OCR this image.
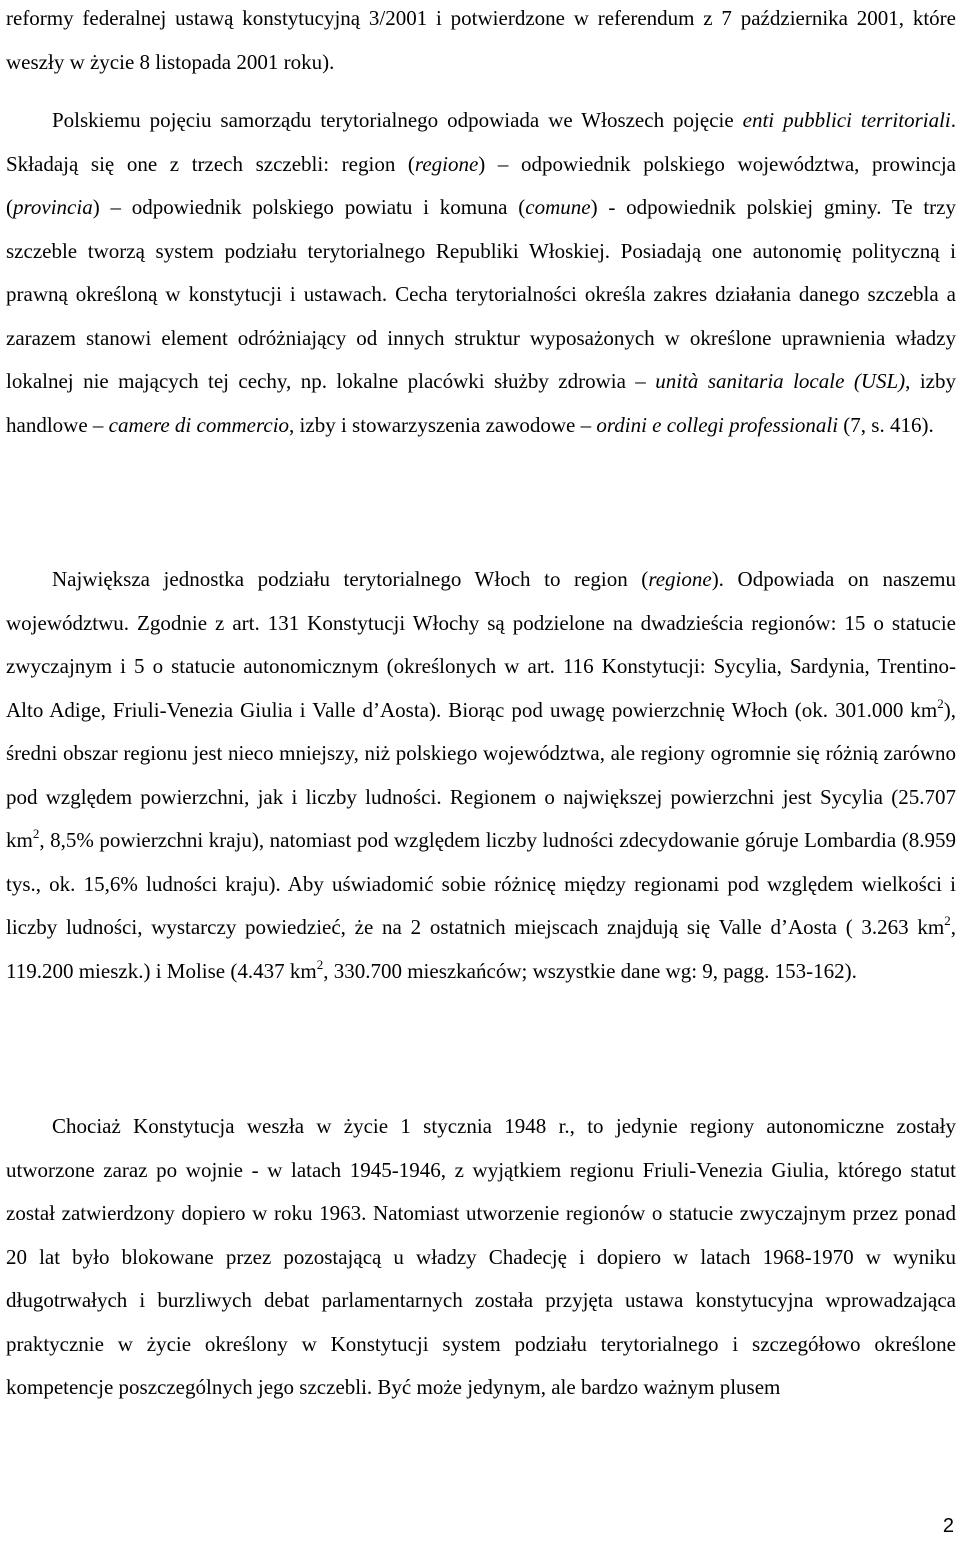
reformy federalnej ustawą konstytucyjną 3/2001 i potwierdzone w referendum z 7 października 2001, które weszły w życie 8 listopada 2001 roku).

Polskiemu pojęciu samorządu terytorialnego odpowiada we Włoszech pojęcie enti pubblici territoriali. Składają się one z trzech szczebli: region (regione) – odpowiednik polskiego województwa, prowincja (provincia) – odpowiednik polskiego powiatu i komuna (comune) - odpowiednik polskiej gminy. Te trzy szczeble tworzą system podziału terytorialnego Republiki Włoskiej. Posiadają one autonomię polityczną i prawną określoną w konstytucji i ustawach. Cecha terytorialności określa zakres działania danego szczebla a zarazem stanowi element odróżniający od innych struktur wyposażonych w określone uprawnienia władzy lokalnej nie mających tej cechy, np. lokalne placówki służby zdrowia – unità sanitaria locale (USL), izby handlowe – camere di commercio, izby i stowarzyszenia zawodowe – ordini e collegi professionali (7, s. 416).

Największa jednostka podziału terytorialnego Włoch to region (regione). Odpowiada on naszemu województwu. Zgodnie z art. 131 Konstytucji Włochy są podzielone na dwadzieścia regionów: 15 o statucie zwyczajnym i 5 o statucie autonomicznym (określonych w art. 116 Konstytucji: Sycylia, Sardynia, Trentino-Alto Adige, Friuli-Venezia Giulia i Valle d’Aosta). Biorąc pod uwagę powierzchnię Włoch (ok. 301.000 $km^2$), średni obszar regionu jest nieco mniejszy, niż polskiego województwa, ale regiony ogromnie się różnią zarówno pod względem powierzchni, jak i liczby ludności. Regionem o największej powierzchni jest Sycylia (25.707 $km^2$, 8,5% powierzchni kraju), natomiast pod względem liczby ludności zdecydowanie góruje Lombardia (8.959 tys., ok. 15,6% ludności kraju). Aby uświadomić sobie różnicę między regionami pod względem wielkości i liczby ludności, wystarczy powiedzieć, że na 2 ostatnich miejscach znajdują się Valle d’Aosta ( 3.263 $km^2$, 119.200 mieszk.) i Molise (4.437 $km^2$, 330.700 mieszkańców; wszystkie dane wg: 9, pagg. 153-162).

Chociaż Konstytucja weszła w życie 1 stycznia 1948 r., to jedynie regiony autonomiczne zostały utworzone zaraz po wojnie - w latach 1945-1946, z wyjątkiem regionu Friuli-Venezia Giulia, którego statut został zatwierdzony dopiero w roku 1963. Natomiast utworzenie regionów o statucie zwyczajnym przez ponad 20 lat było blokowane przez pozostającą u władzy Chadecję i dopiero w latach 1968-1970 w wyniku długotrwałych i burzliwych debat parlamentarnych została przyjęta ustawa konstytucyjna wprowadzająca praktycznie w życie określony w Konstytucji system podziału terytorialnego i szczegółowo określone kompetencje poszczególnych jego szczebli. Być może jedynym, ale bardzo ważnym plusem

2
